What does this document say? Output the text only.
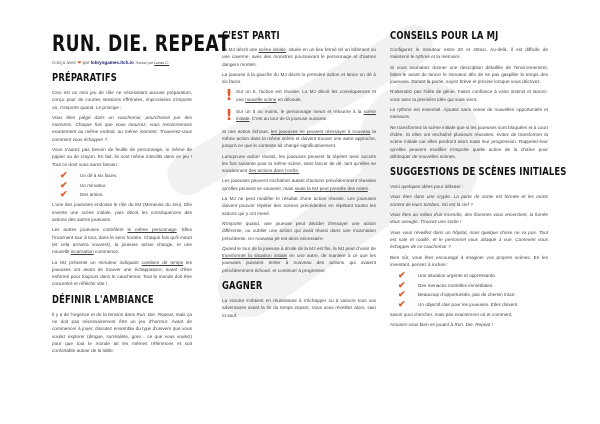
RUN. DIE. REPEAT
Conçu avec ❤ par lobrysgames.itch.io Traduit par Lucas C.
PRÉPARATIFS

Ceci est un mini jeu de rôle ne nécessitant aucune préparation, conçu pour de courtes sessions effrénées, improvisées n'importe où, n'importe quand. Le principe :

Vous êtes piégé dans un cauchemar, pourchassé par des monstres. Chaque fois que vous mourrez, vous recommencez exactement au même endroit, au même moment. Trouverez-vous comment vous échapper ?

Vous n'aurez pas besoin de feuille de personnage, ni même de papier ou de crayon. En fait, ils sont même interdits dans ce jeu ! Tout ce dont vous aurez besoin :

✔	Un dé à six faces.
✔	Un minuteur.
✔	Des amies.

L'une des joueuses endosse le rôle du MJ (Meneuse du Jeu). Elle invente une scène initiale, puis décrit les conséquences des actions des autres joueuses.

Les autres joueuses contrôlent le même personnage. Elles l'incarnent tour à tour, dans le sens horaire. Chaque fois qu'il meurt (et cela arrivera souvent), la joueuse active change, et une nouvelle incarnation commence.

La MJ présente un minuteur indiquant combien de temps les joueuses ont avant de trouver une échappatoire, avant d'être enfermé pour toujours dans le cauchemar. Tout le monde doit être concentré et réfléchir vite !

DÉFINIR L'AMBIANCE

Il y a de l'urgence et de la tension dans Run. Die. Repeat, mais ça ne doit pas nécessairement être un jeu d'horreur. Avant de commencer à jouer, discutez ensemble du type d'univers que vous voulez explorer (dingue, surréaliste, gore... ce que vous voulez) pour que tout le monde ait les mêmes références et soit confortable autour de la table.

C'EST PARTI

La MJ décrit une scène initiale, située en un lieu fermé tel un bâtiment ou une caverne, avec des monstres poursuivant le personnage et d'autres dangers mortels.

La joueuse à la gauche du MJ décrit la première action et lance un dé à six faces.

! Sur un 6, l'action est réussie. La MJ décrit les conséquences et une nouvelle scène en découle.

! Sur un 5 ou moins, le personnage meurt et retourne à la scène initiale. C'est au tour de la joueuse suivante.

Si une action échoue, les joueuses ne peuvent réessayer à nouveau la même action dans la même scène et doivent trouver une autre approche, jusqu'à ce que le contexte ait changé significativement.

Lorsqu'une action réussit, les joueuses peuvent la répéter avec succès les fois suivante pour la même scène, sans lancer de dé, tant qu'elles se souviennent des actions dans l'ordre.

Les joueuses peuvent enchaîner autant d'actions précédemment réussies qu'elles peuvent se souvenir, mais seule la MJ peut prendre des notes.

La MJ ne peut modifier le résultat d'une action réussie. Les joueuses doivent pouvoir répéter des scènes précédentes en répétant toutes les actions qui y ont mené.

N'importe quand, une joueuse peut décider d'essayer une action différente, ou oublier une action qui avait réussi dans une incarnation précédente. Un nouveau jet est alors nécessaire.

Quand le tour de la joueuse à droite de la MJ est fini, la MJ peut choisir de transformer la situation initiale en une autre, de manière à ce que les joueuses puissent tenter à nouveau des actions qui avaient précédemment échoué, et continuer à progresser.

GAGNER

La victoire s'obtient en réussissant à s'échapper ou à vaincre tous vos adversaires avant la fin du temps imparti. Vous vous réveillez alors, sain et sauf.

CONSEILS POUR LA MJ

Configurez le minuteur entre 20 et 40min. Au-delà, il est difficile de maintenir le rythme et la mémoire.

Si vous souhaitez donner une description détaillée de l'environnement, faites-le avant de lancer le minuteur afin de ne pas gaspiller le temps des joueuses. Durant la partie, soyez brève et précise lorsque vous décrivez.

N'attendez pas l'idée de génie. Faites confiance à votre instinct et lancez-vous avec la première idée qui vous vient.

Le rythme est essentiel. Ajoutez sans cesse de nouvelles opportunités et menaces.

Ne transformez la scène initiale que si les joueuses sont bloquées et à court d'idée. Si elles ont enchaîné plusieurs réussites, évitez de transformer la scène initiale car elles perdront alors toute leur progression. Rappelez-leur qu'elles peuvent modifier n'importe quelle action de la chaîne pour débloquer de nouvelles scènes.

SUGGESTIONS DE SCÈNES INITIALES

Voici quelques idées pour débuter :

Vous êtes dans une crypte. La porte de sortie est fermée et les morts sortent de leurs tombes. Où est la clef ?

Vous êtes au milieu d'un incendie, des flammes vous encerclent, la fumée vous aveugle. Trouvez une sortie !

Vous vous réveillez dans un hôpital, mais quelque chose ne va pas. Tout est sale et rouillé, et le personnel vous attaque à vue. Comment vous échapper de ce cauchemar ?

Bien sûr, vous êtes encouragé à imaginer vos propres scènes. En les inventant, pensez à inclure :

✔	Une situation urgente et oppressante.
✔	Des menaces mortelles immédiates.
✔	Beaucoup d'opportunités, pas de chemin tracé.
✔	Un objectif clair pour les joueuses. Elles doivent

savoir quoi chercher, mais pas exactement où et comment.

Amusez-vous bien en jouant à Run. Die. Repeat !
